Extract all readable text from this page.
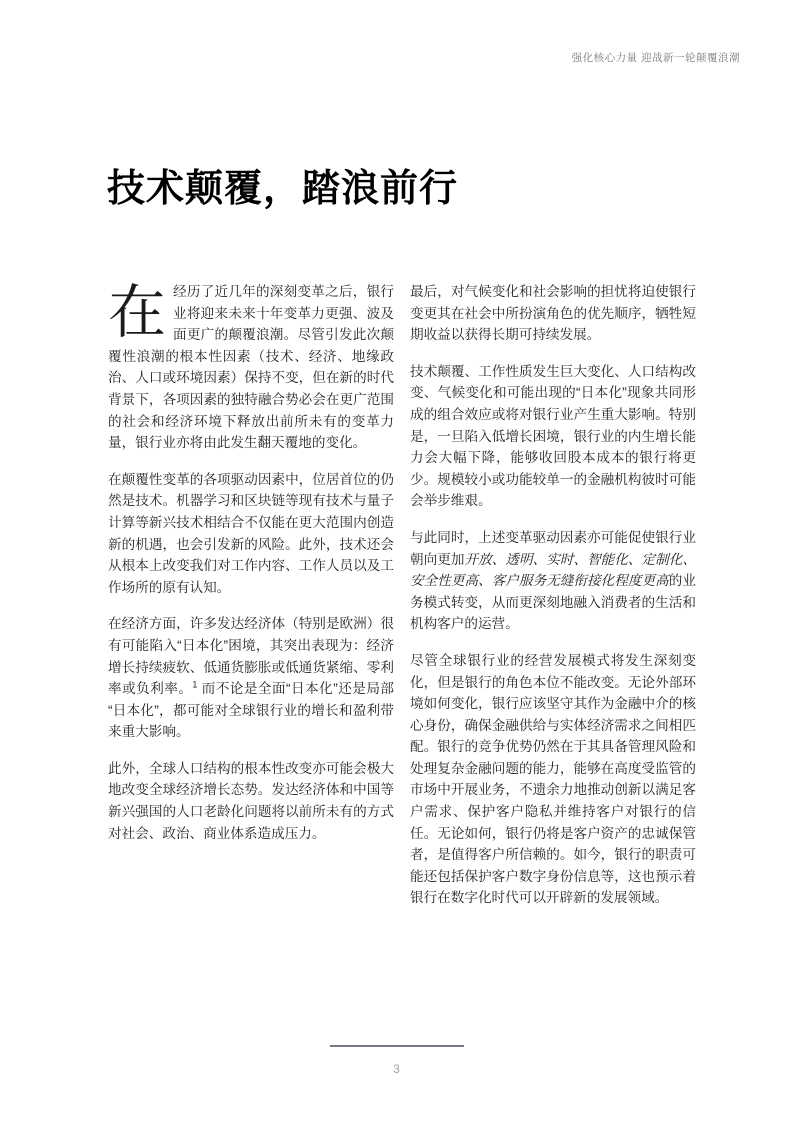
强化核心力量 迎战新一轮颠覆浪潮
技术颠覆，踏浪前行

在经历了近几年的深刻变革之后，银行业将迎来未来十年变革力更强、波及面更广的颠覆浪潮。尽管引发此次颠覆性浪潮的根本性因素（技术、经济、地缘政治、人口或环境因素）保持不变，但在新的时代背景下，各项因素的独特融合势必会在更广范围的社会和经济环境下释放出前所未有的变革力量，银行业亦将由此发生翻天覆地的变化。

在颠覆性变革的各项驱动因素中，位居首位的仍然是技术。机器学习和区块链等现有技术与量子计算等新兴技术相结合不仅能在更大范围内创造新的机遇，也会引发新的风险。此外，技术还会从根本上改变我们对工作内容、工作人员以及工作场所的原有认知。

在经济方面，许多发达经济体（特别是欧洲）很有可能陷入“日本化”困境，其突出表现为：经济增长持续疲软、低通货膨胀或低通货紧缩、零利率或负利率。$^1$ 而不论是全面“日本化”还是局部“日本化”，都可能对全球银行业的增长和盈利带来重大影响。

此外，全球人口结构的根本性改变亦可能会极大地改变全球经济增长态势。发达经济体和中国等新兴强国的人口老龄化问题将以前所未有的方式对社会、政治、商业体系造成压力。

最后，对气候变化和社会影响的担忧将迫使银行变更其在社会中所扮演角色的优先顺序，牺牲短期收益以获得长期可持续发展。

技术颠覆、工作性质发生巨大变化、人口结构改变、气候变化和可能出现的“日本化”现象共同形成的组合效应或将对银行业产生重大影响。特别是，一旦陷入低增长困境，银行业的内生增长能力会大幅下降，能够收回股本成本的银行将更少。规模较小或功能较单一的金融机构彼时可能会举步维艰。

与此同时，上述变革驱动因素亦可能促使银行业朝向更加开放、透明、实时、智能化、定制化、安全性更高、客户服务无缝衔接化程度更高的业务模式转变，从而更深刻地融入消费者的生活和机构客户的运营。

尽管全球银行业的经营发展模式将发生深刻变化，但是银行的角色本位不能改变。无论外部环境如何变化，银行应该坚守其作为金融中介的核心身份，确保金融供给与实体经济需求之间相匹配。银行的竞争优势仍然在于其具备管理风险和处理复杂金融问题的能力，能够在高度受监管的市场中开展业务，不遗余力地推动创新以满足客户需求、保护客户隐私并维持客户对银行的信任。无论如何，银行仍将是客户资产的忠诚保管者，是值得客户所信赖的。如今，银行的职责可能还包括保护客户数字身份信息等，这也预示着银行在数字化时代可以开辟新的发展领域。

3
